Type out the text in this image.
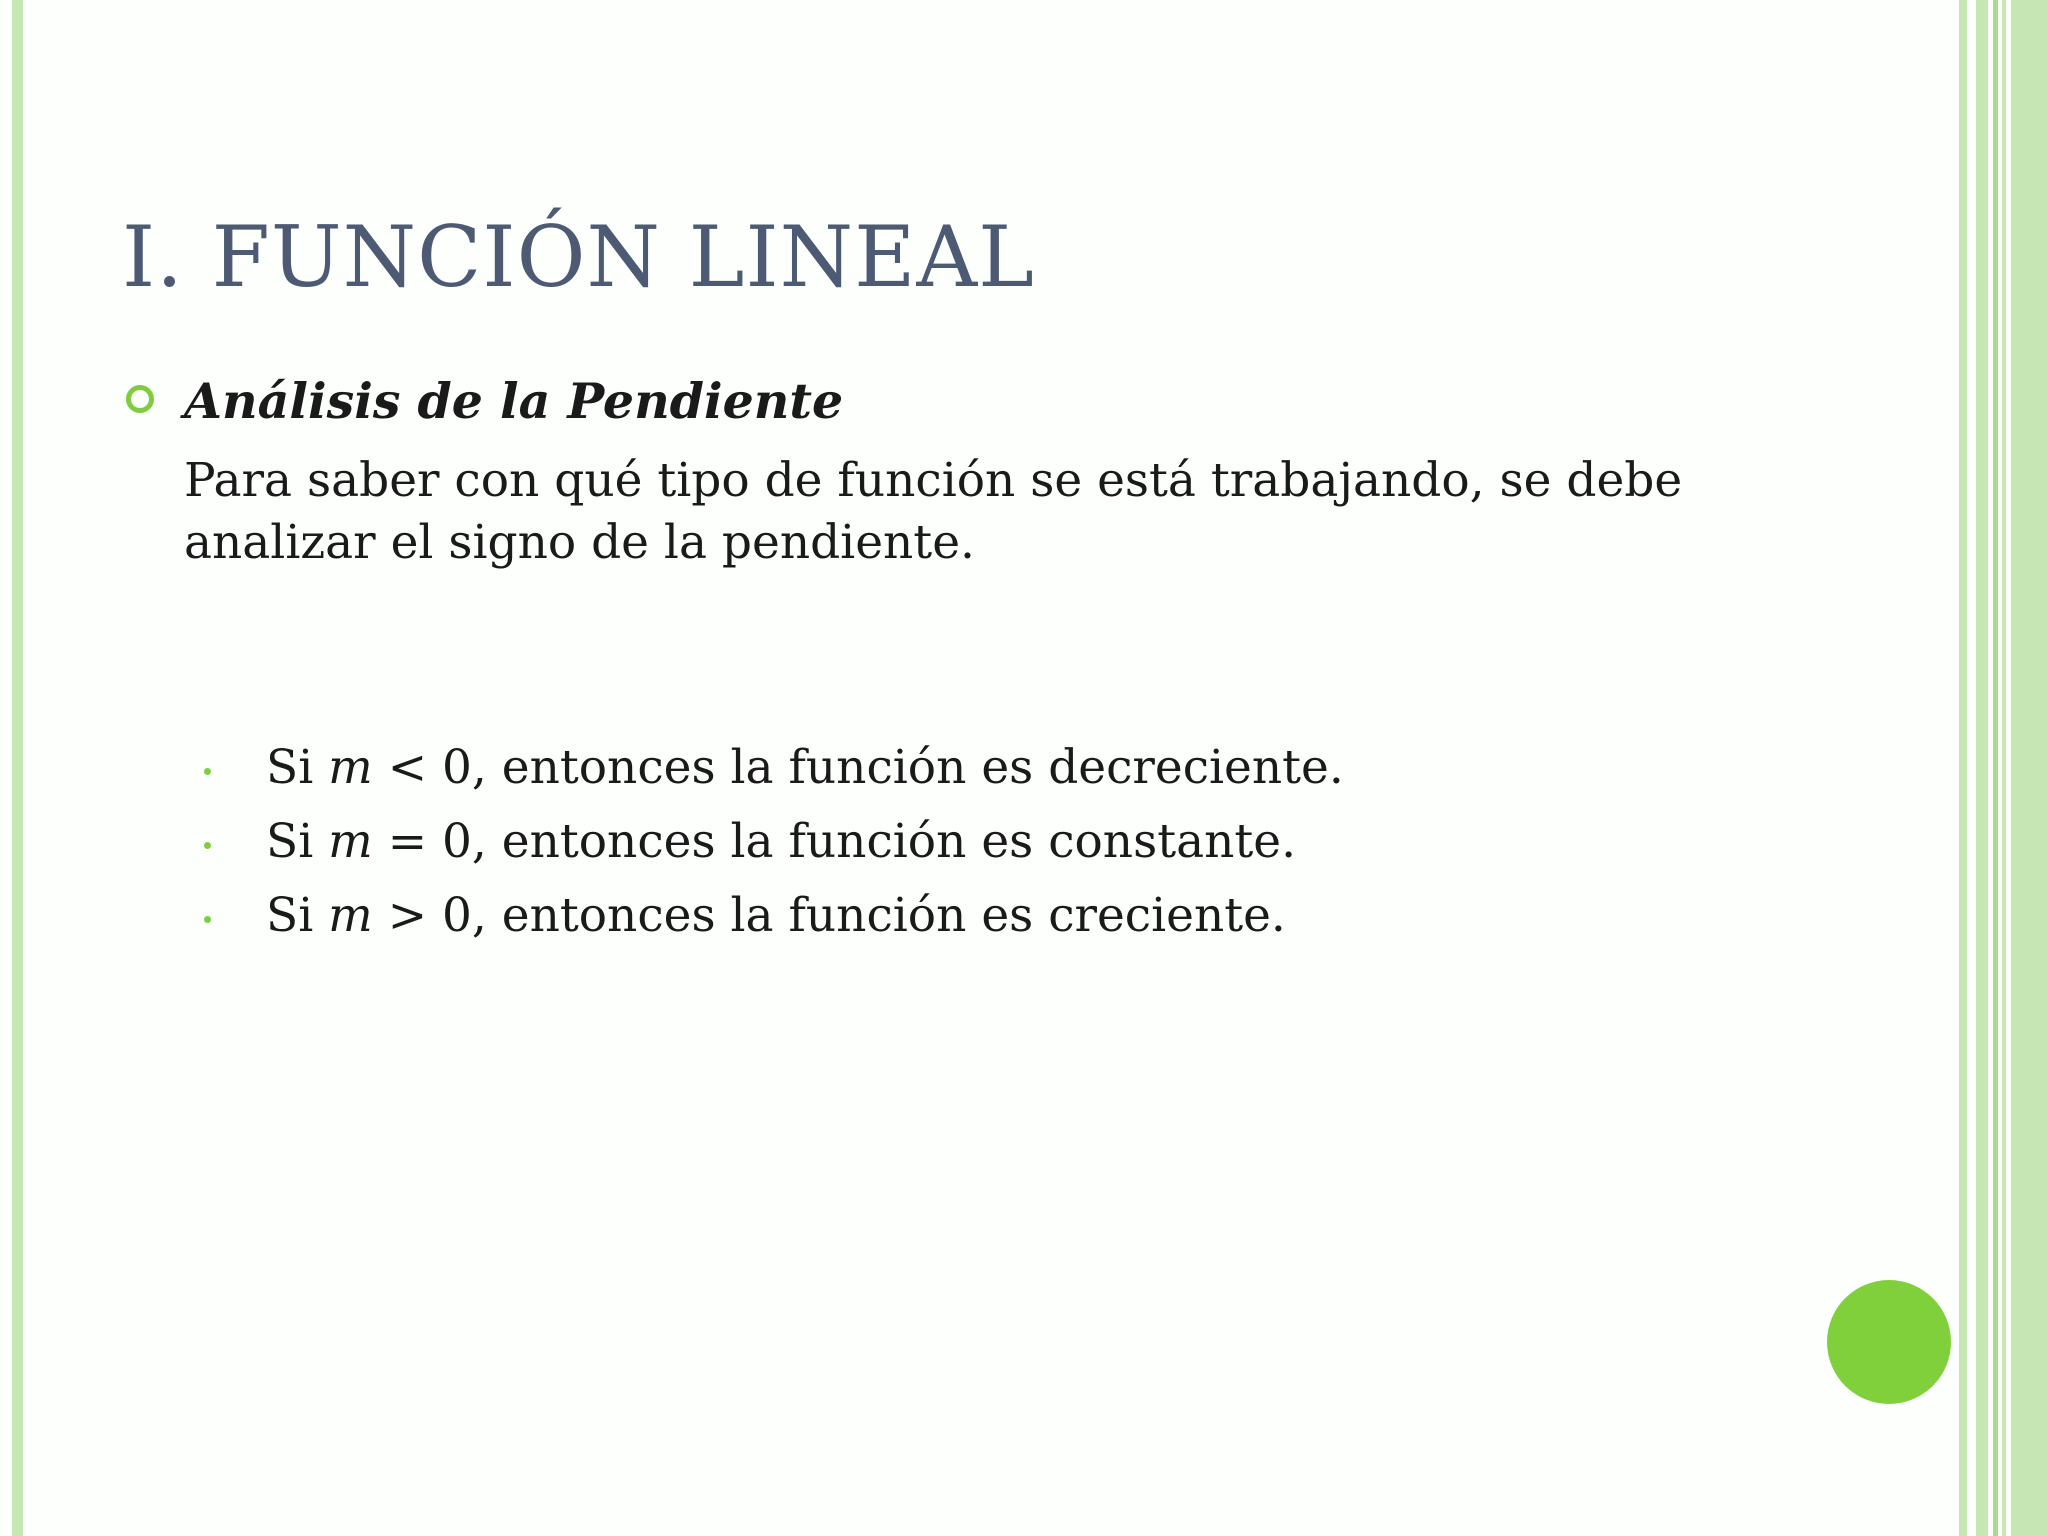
I. FUNCIÓN LINEAL
Análisis de la Pendiente
Para saber con qué tipo de función se está trabajando, se debe analizar el signo de la pendiente.
Si m < 0, entonces la función es decreciente.
Si m = 0, entonces la función es constante.
Si m > 0, entonces la función es creciente.
